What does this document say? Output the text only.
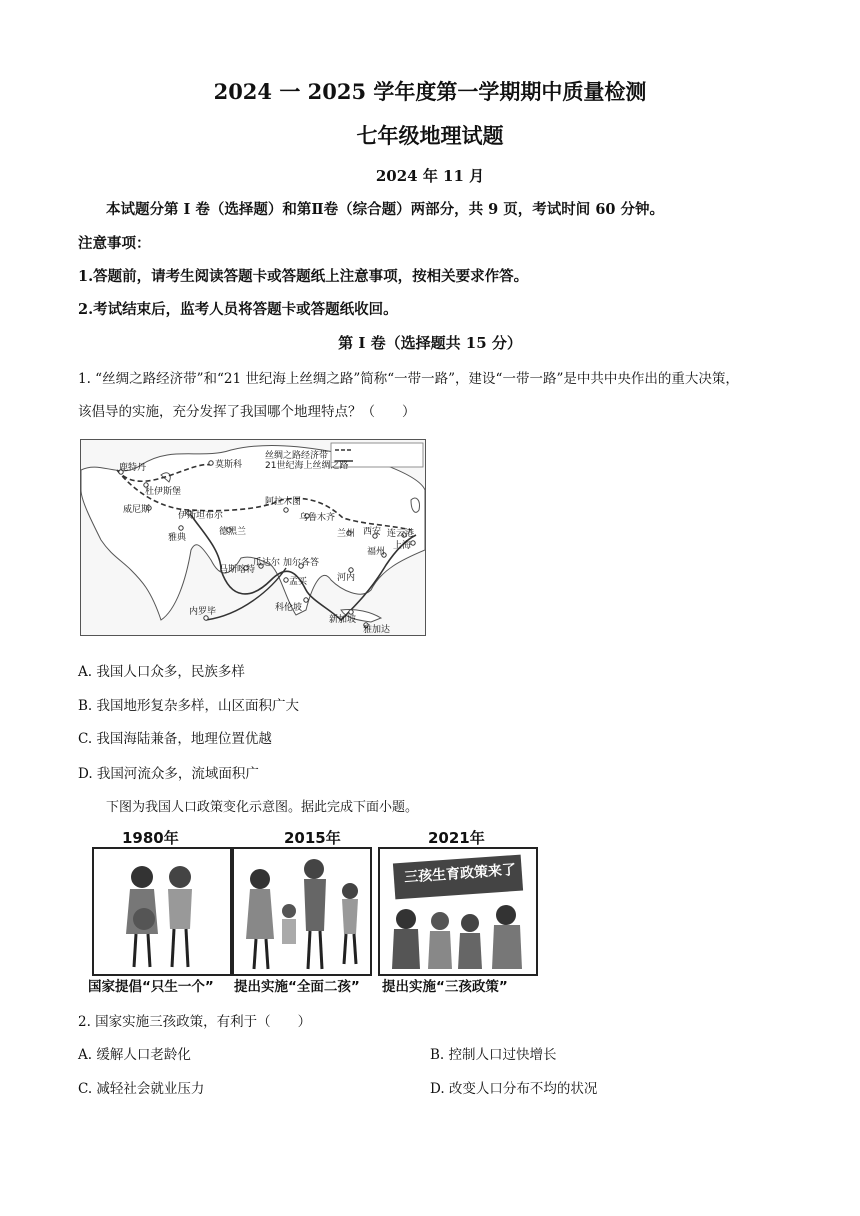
2024 一 2025 学年度第一学期期中质量检测
七年级地理试题
2024 年 11 月
本试题分第 I 卷（选择题）和第Ⅱ卷（综合题）两部分，共 9 页，考试时间 60 分钟。
注意事项：
1.答题前，请考生阅读答题卡或答题纸上注意事项，按相关要求作答。
2.考试结束后，监考人员将答题卡或答题纸收回。
第 I 卷（选择题共 15 分）
1. “丝绸之路经济带”和“21 世纪海上丝绸之路”简称“一带一路”，建设“一带一路”是中共中央作出的重大决策，
该倡导的实施，充分发挥了我国哪个地理特点？（　　）
丝绸之路经济带
21世纪海上丝绸之路
莫斯科
鹿特丹
杜伊斯堡
威尼斯
伊斯坦布尔
雅典
德黑兰
阿拉木图
乌鲁木齐
兰州 西安 连云港
上海
福州
马斯喀特
瓜达尔 加尔各答
孟买
科伦坡
河内
新加坡
雅加达
内罗毕
A. 我国人口众多，民族多样
B. 我国地形复杂多样，山区面积广大
C. 我国海陆兼备，地理位置优越
D. 我国河流众多，流域面积广
下图为我国人口政策变化示意图。据此完成下面小题。
1980年
国家提倡“只生一个”
2015年
提出实施“全面二孩”
2021年
三孩生育政策来了
提出实施“三孩政策”
2. 国家实施三孩政策，有利于（　　）
A. 缓解人口老龄化	B. 控制人口过快增长
C. 减轻社会就业压力	D. 改变人口分布不均的状况
